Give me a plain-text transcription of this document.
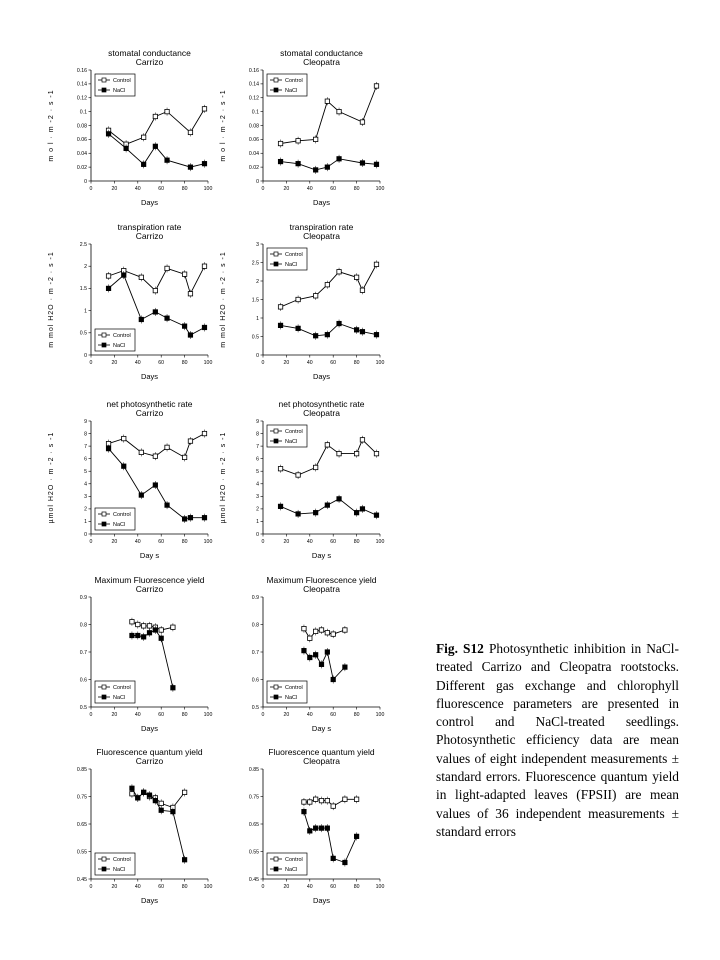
stomatal conductance
Carrizo
0
0.02
0.04
0.06
0.08
0.1
0.12
0.14
0.16
0	20	40	60	80	100
Days
m o l · m -2 · s -1
Control
NaCl
stomatal conductance
Cleopatra
0
0.02
0.04
0.06
0.08
0.1
0.12
0.14
0.16
0	20	40	60	80	100
Days
m o l · m -2 · s -1
Control
NaCl
transpiration rate
Carrizo
0
0.5
1
1.5
2
2.5
0	20	40	60	80	100
Days
m mol H2O · m -2 · s -1	Control
NaCl
transpiration rate
Cleopatra
0
0.5
1
1.5
2
2.5
3
0	20	40	60	80	100
Days
m mol H2O · m -2 · s -1	Control
NaCl
net photosynthetic rate
Carrizo
0
1
2
3
4
5
6
7
8
9
0	20	40	60	80	100
Day s
µmol H2O · m -2 · s -1	Control
NaCl
net photosynthetic rate
Cleopatra
0
1
2
3
4
5
6
7
8
9
0	20	40	60	80	100
Day s
µmol H2O · m -2 · s -1	Control
NaCl
Maximum Fluorescence yield
Carrizo
0.5
0.6
0.7
0.8
0.9
0	20	40	60	80	100
Days
Control
NaCl
Maximum Fluorescence yield
Cleopatra
0.5
0.6
0.7
0.8
0.9
0	20	40	60	80	100
Day s
Control
NaCl
Fluorescence quantum yield
Carrizo
0.45
0.55
0.65
0.75
0.85
0	20	40	60	80	100
Days
Control
NaCl
Fluorescence quantum yield
Cleopatra
0.45
0.55
0.65
0.75
0.85
0	20	40	60	80	100
Days
Control
NaCl
Fig. S12 Photosynthetic inhibition in NaCl-treated Carrizo and Cleopatra rootstocks. Different gas exchange and chlorophyll fluorescence parameters are presented in control and NaCl-treated seedlings. Photosynthetic efficiency data are mean values of eight independent measurements ± standard errors. Fluorescence quantum yield in light-adapted leaves (FPSII) are mean values of 36 independent measurements ± standard errors
